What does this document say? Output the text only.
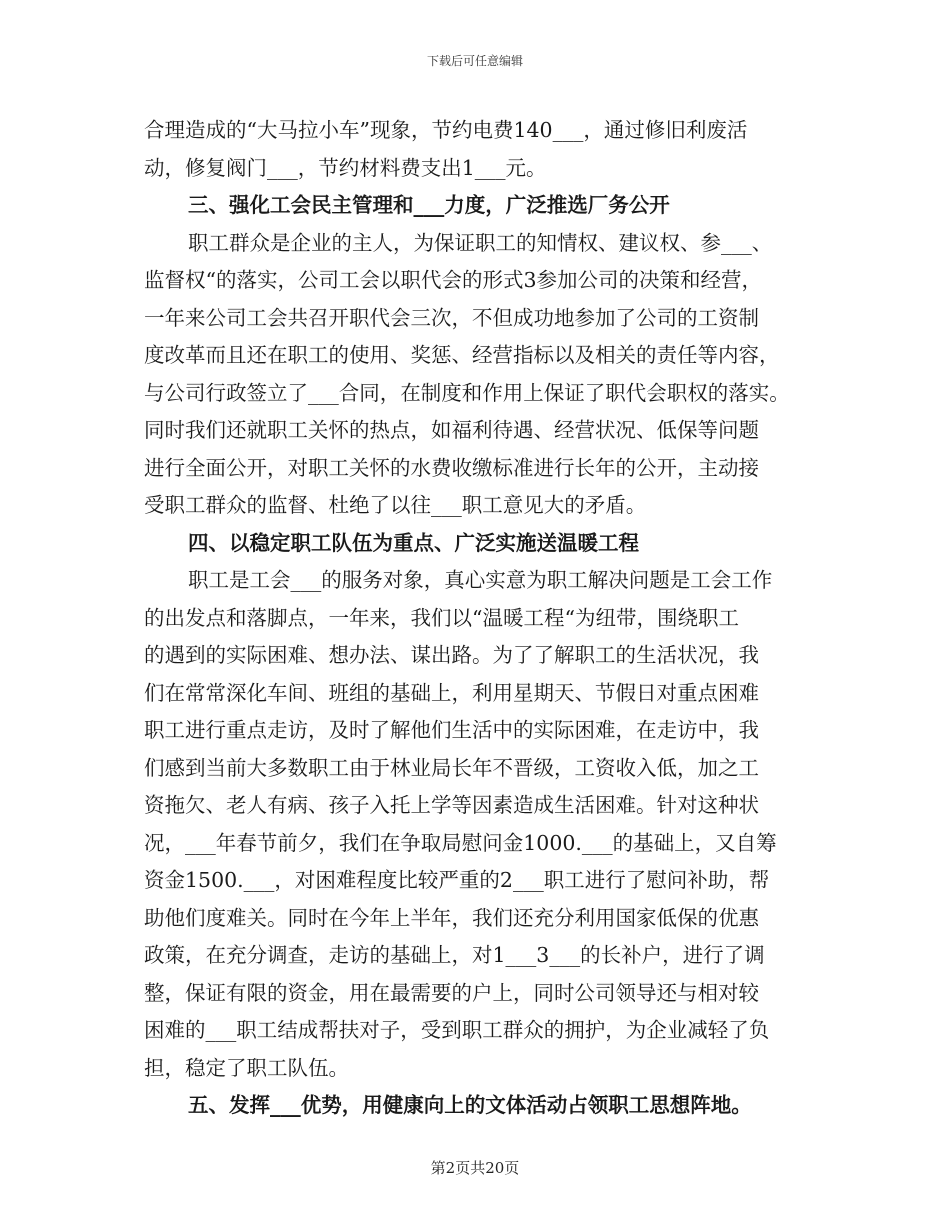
下载后可任意编辑
合理造成的“大马拉小车”现象，节约电费140___，通过修旧利废活
动，修复阀门___，节约材料费支出1___元。
三、强化工会民主管理和___力度，广泛推选厂务公开
职工群众是企业的主人，为保证职工的知情权、建议权、参___、
监督权“的落实，公司工会以职代会的形式3参加公司的决策和经营，
一年来公司工会共召开职代会三次，不但成功地参加了公司的工资制
度改革而且还在职工的使用、奖惩、经营指标以及相关的责任等内容，
与公司行政签立了___合同，在制度和作用上保证了职代会职权的落实。
同时我们还就职工关怀的热点，如福利待遇、经营状况、低保等问题
进行全面公开，对职工关怀的水费收缴标准进行长年的公开，主动接
受职工群众的监督、杜绝了以往___职工意见大的矛盾。
四、以稳定职工队伍为重点、广泛实施送温暖工程
职工是工会___的服务对象，真心实意为职工解决问题是工会工作
的出发点和落脚点，一年来，我们以“温暖工程“为纽带，围绕职工
的遇到的实际困难、想办法、谋出路。为了了解职工的生活状况，我
们在常常深化车间、班组的基础上，利用星期天、节假日对重点困难
职工进行重点走访，及时了解他们生活中的实际困难，在走访中，我
们感到当前大多数职工由于林业局长年不晋级，工资收入低，加之工
资拖欠、老人有病、孩子入托上学等因素造成生活困难。针对这种状
况，___年春节前夕，我们在争取局慰问金1000.___的基础上，又自筹
资金1500.___，对困难程度比较严重的2___职工进行了慰问补助，帮
助他们度难关。同时在今年上半年，我们还充分利用国家低保的优惠
政策，在充分调查，走访的基础上，对1___3___的长补户，进行了调
整，保证有限的资金，用在最需要的户上，同时公司领导还与相对较
困难的___职工结成帮扶对子，受到职工群众的拥护，为企业减轻了负
担，稳定了职工队伍。
五、发挥___优势，用健康向上的文体活动占领职工思想阵地。
第2页共20页
